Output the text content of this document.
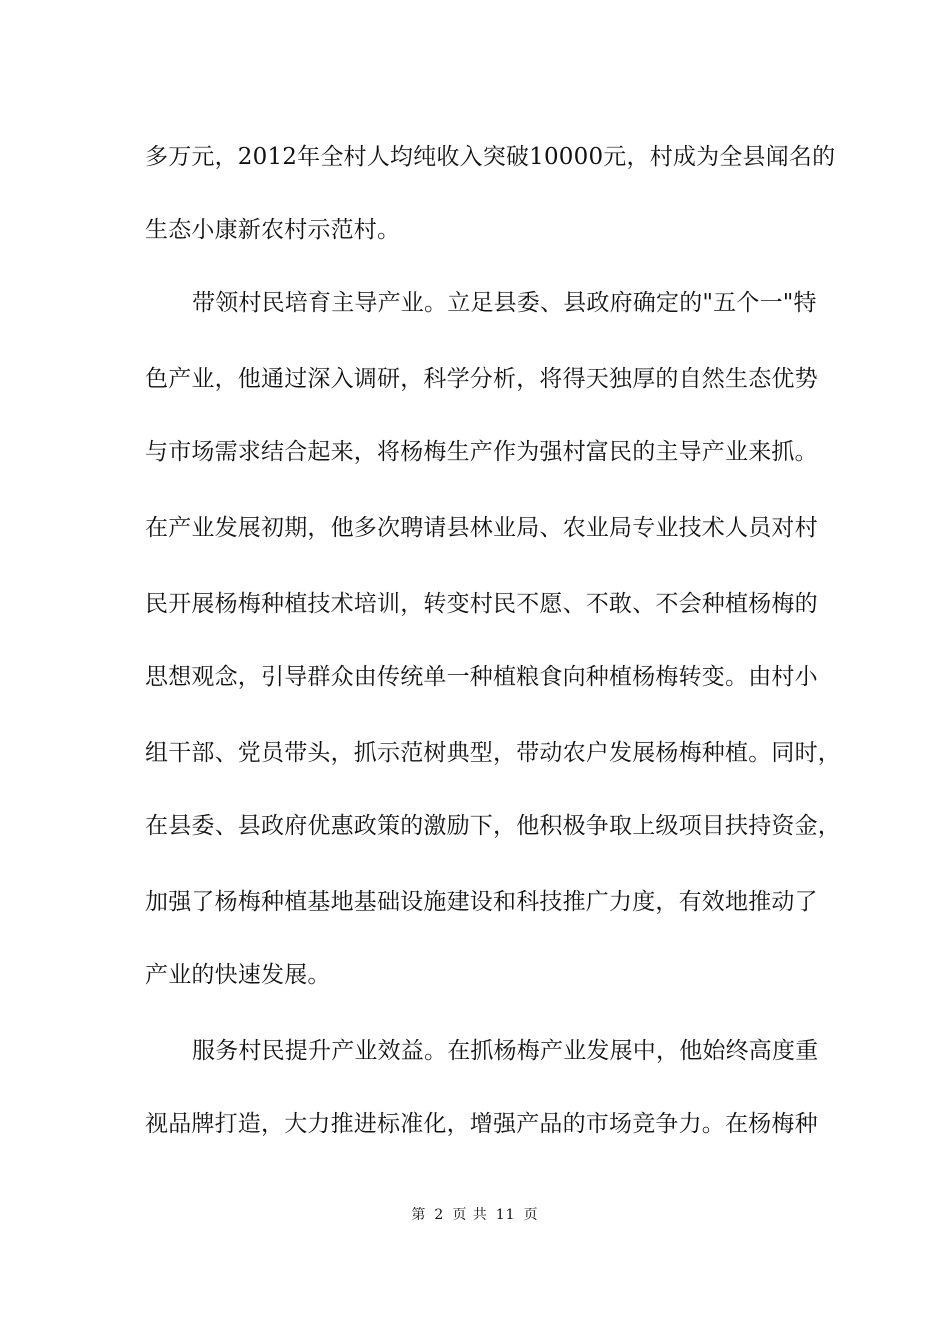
多万元，2012年全村人均纯收入突破10000元，村成为全县闻名的
生态小康新农村示范村。
带领村民培育主导产业。立足县委、县政府确定的"五个一"特
色产业，他通过深入调研，科学分析，将得天独厚的自然生态优势
与市场需求结合起来，将杨梅生产作为强村富民的主导产业来抓。
在产业发展初期，他多次聘请县林业局、农业局专业技术人员对村
民开展杨梅种植技术培训，转变村民不愿、不敢、不会种植杨梅的
思想观念，引导群众由传统单一种植粮食向种植杨梅转变。由村小
组干部、党员带头，抓示范树典型，带动农户发展杨梅种植。同时，
在县委、县政府优惠政策的激励下，他积极争取上级项目扶持资金，
加强了杨梅种植基地基础设施建设和科技推广力度，有效地推动了
产业的快速发展。
服务村民提升产业效益。在抓杨梅产业发展中，他始终高度重
视品牌打造，大力推进标准化，增强产品的市场竞争力。在杨梅种
第 2 页 共 11 页
